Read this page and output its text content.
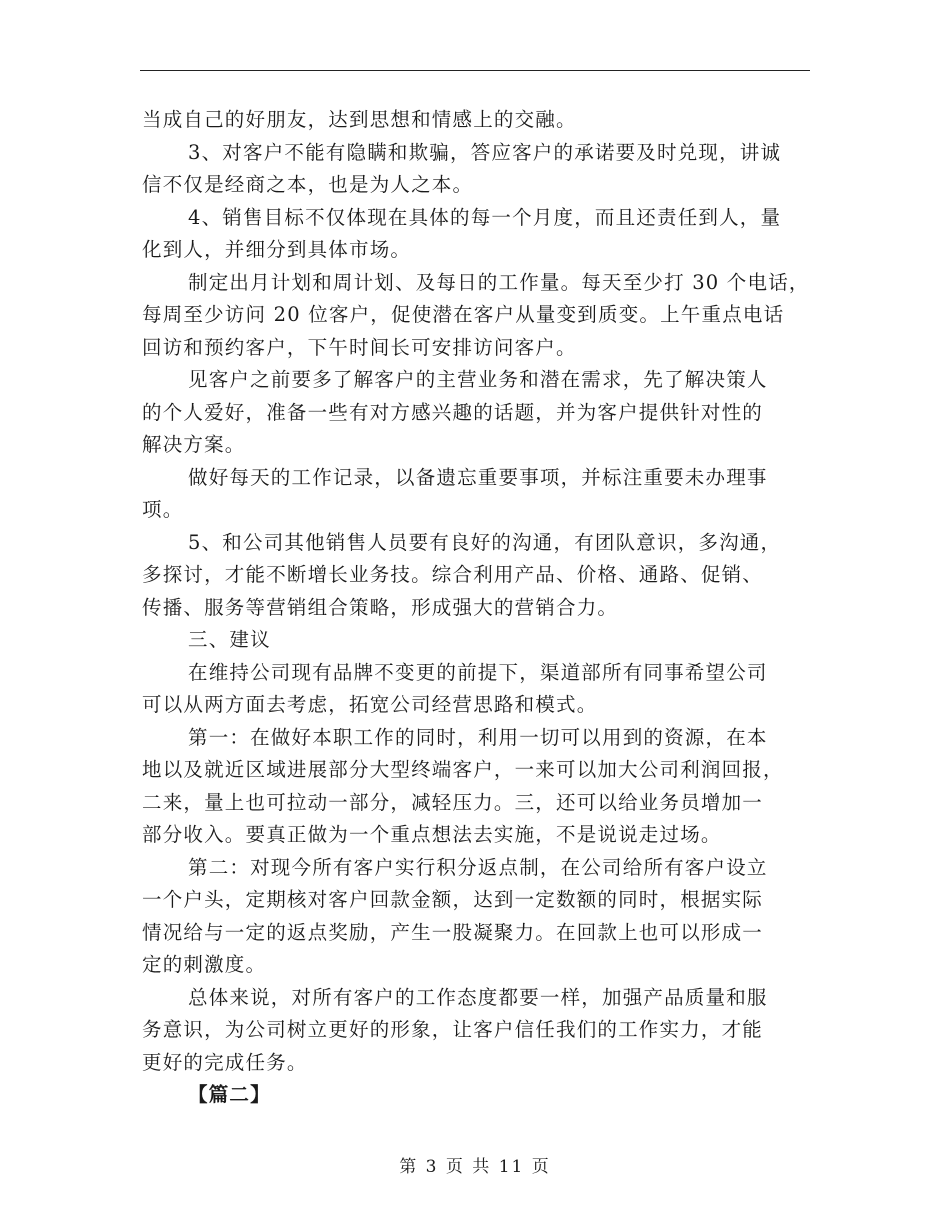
当成自己的好朋友，达到思想和情感上的交融。
3、对客户不能有隐瞒和欺骗，答应客户的承诺要及时兑现，讲诚
信不仅是经商之本，也是为人之本。
4、销售目标不仅体现在具体的每一个月度，而且还责任到人，量
化到人，并细分到具体市场。
制定出月计划和周计划、及每日的工作量。每天至少打 30 个电话，
每周至少访问 20 位客户，促使潜在客户从量变到质变。上午重点电话
回访和预约客户，下午时间长可安排访问客户。
见客户之前要多了解客户的主营业务和潜在需求，先了解决策人
的个人爱好，准备一些有对方感兴趣的话题，并为客户提供针对性的
解决方案。
做好每天的工作记录，以备遗忘重要事项，并标注重要未办理事
项。
5、和公司其他销售人员要有良好的沟通，有团队意识，多沟通，
多探讨，才能不断增长业务技。综合利用产品、价格、通路、促销、
传播、服务等营销组合策略，形成强大的营销合力。
三、建议
在维持公司现有品牌不变更的前提下，渠道部所有同事希望公司
可以从两方面去考虑，拓宽公司经营思路和模式。
第一：在做好本职工作的同时，利用一切可以用到的资源，在本
地以及就近区域进展部分大型终端客户，一来可以加大公司利润回报，
二来，量上也可拉动一部分，减轻压力。三，还可以给业务员增加一
部分收入。要真正做为一个重点想法去实施，不是说说走过场。
第二：对现今所有客户实行积分返点制，在公司给所有客户设立
一个户头，定期核对客户回款金额，达到一定数额的同时，根据实际
情况给与一定的返点奖励，产生一股凝聚力。在回款上也可以形成一
定的刺激度。
总体来说，对所有客户的工作态度都要一样，加强产品质量和服
务意识，为公司树立更好的形象，让客户信任我们的工作实力，才能
更好的完成任务。
【篇二】
第 3 页 共 11 页
